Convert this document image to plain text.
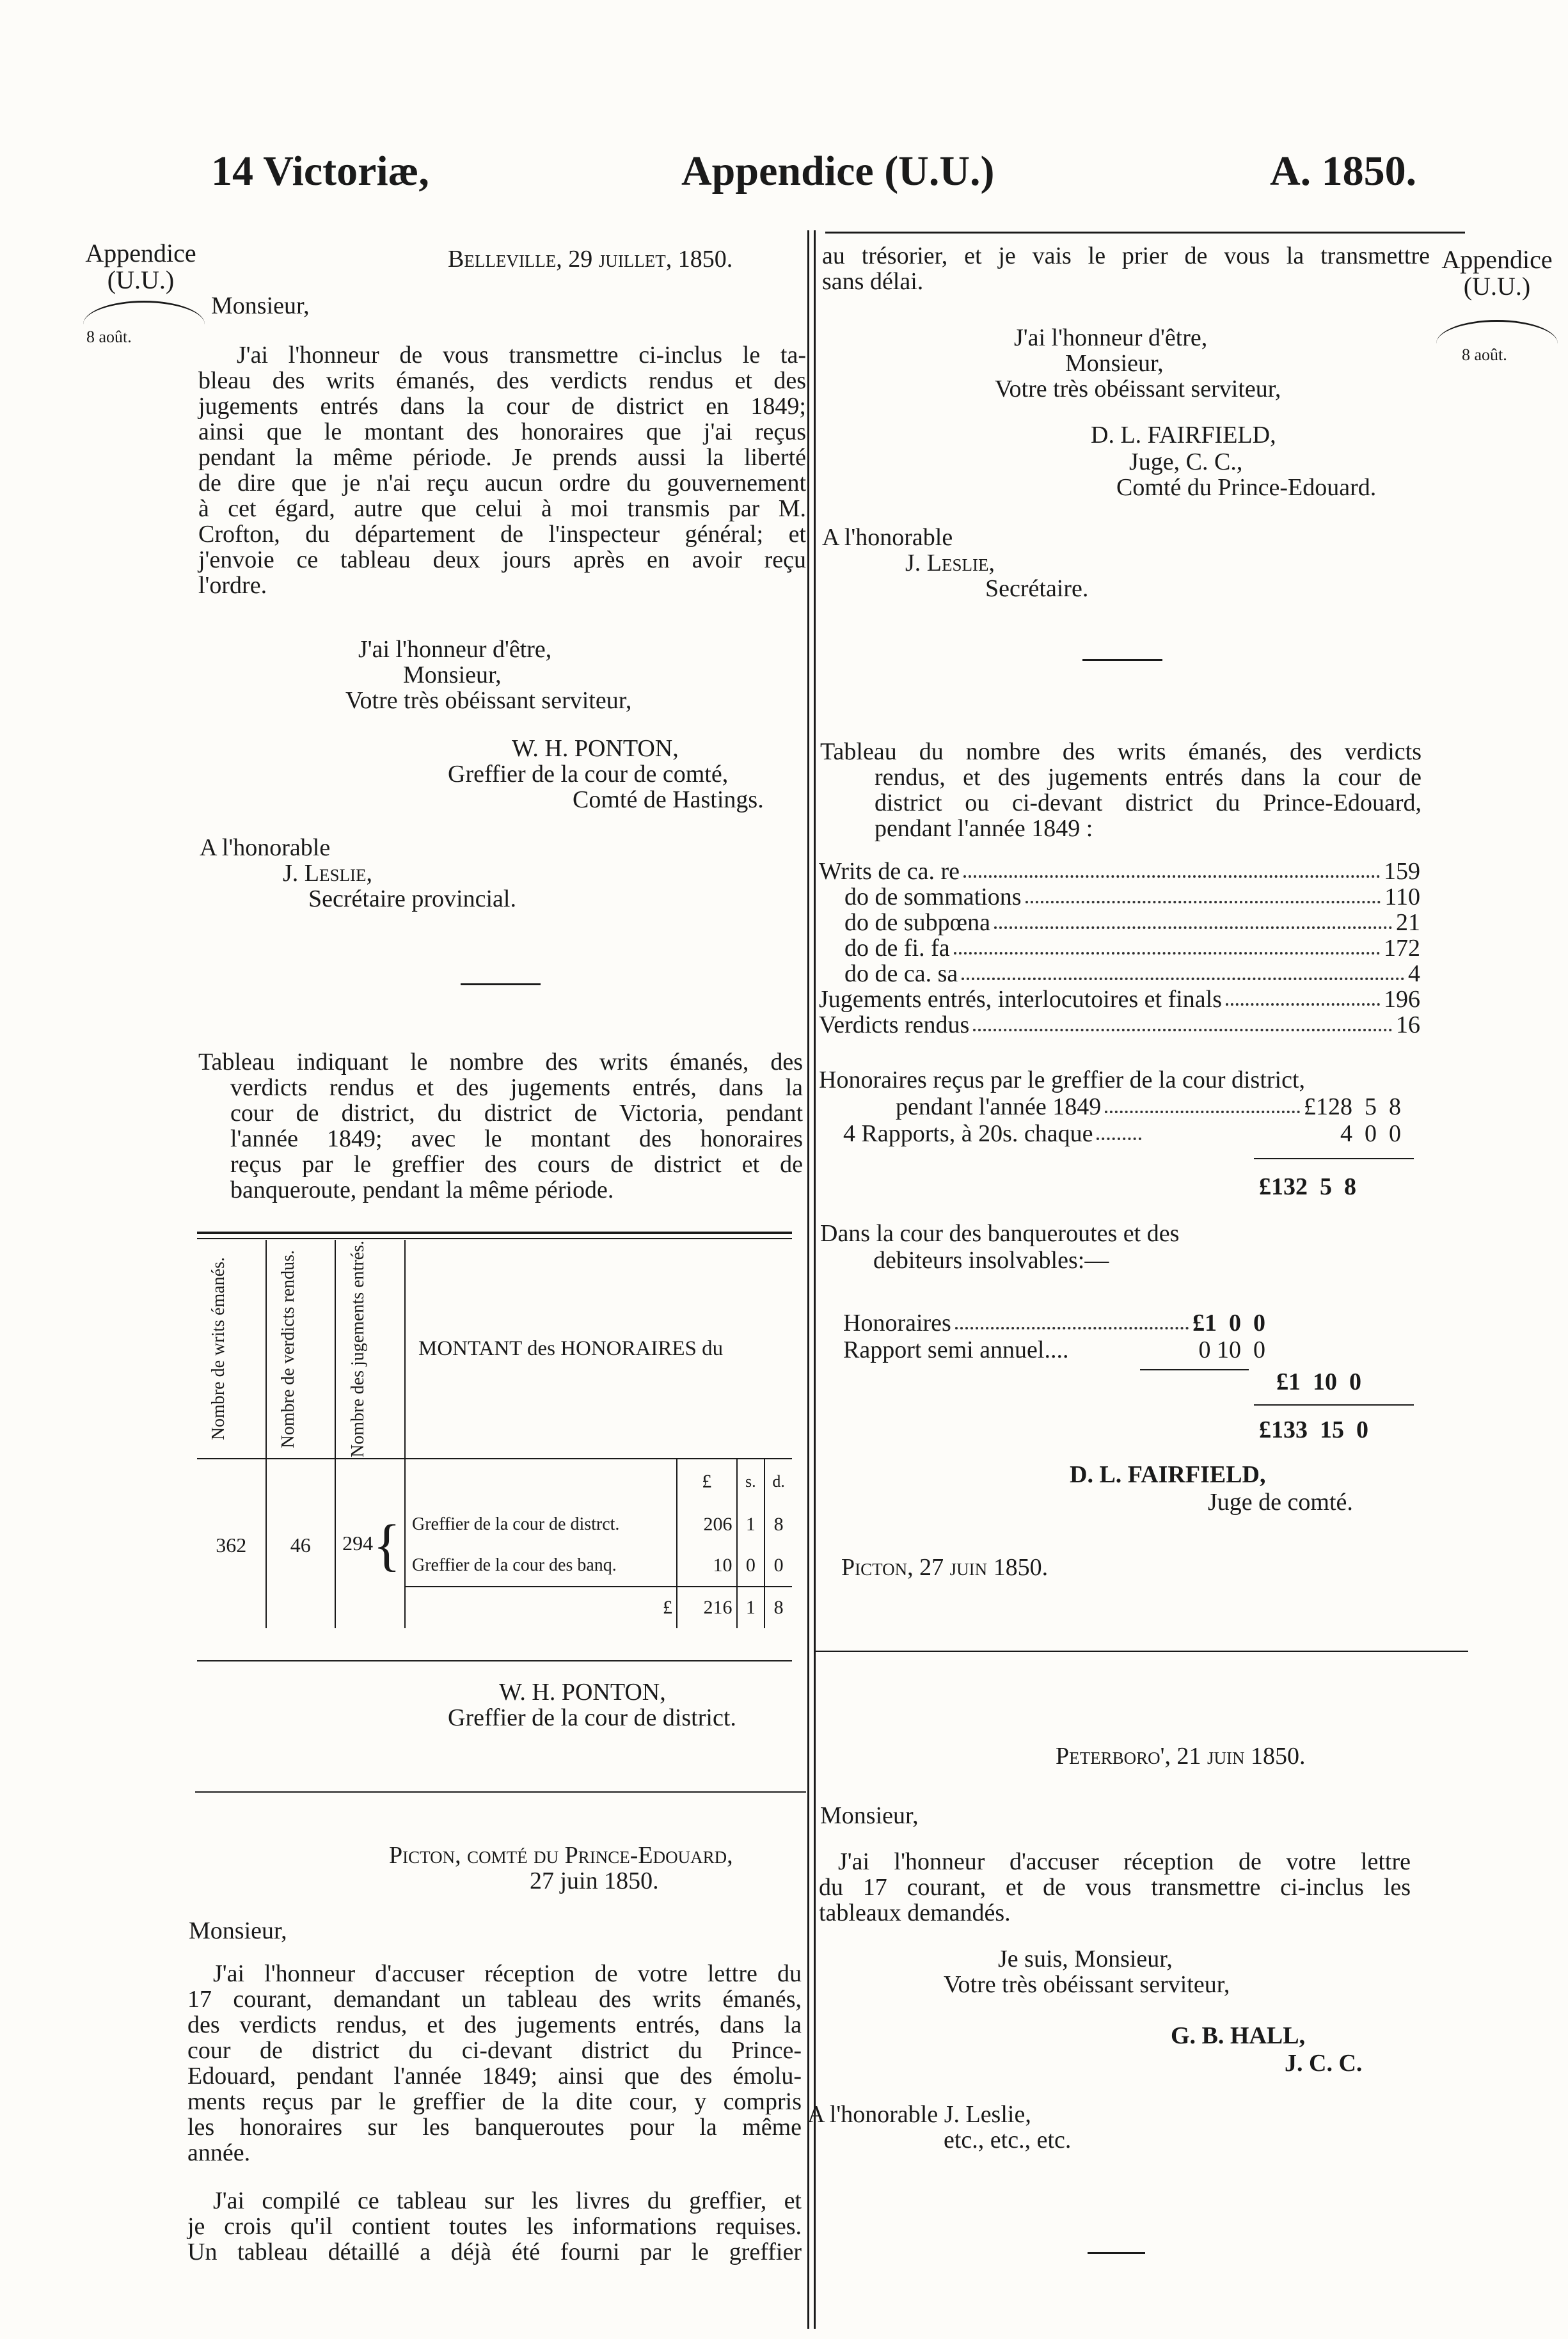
14 Victoriæ,	Appendice (U.U.)	A. 1850.
Appendice
(U.U.)
8 août.
Appendice
(U.U.)
8 août.
Belleville, 29 juillet, 1850.
Monsieur,
J'ai l'honneur de vous transmettre ci-inclus le ta-
bleau des writs émanés, des verdicts rendus et des
jugements entrés dans la cour de district en 1849;
ainsi que le montant des honoraires que j'ai reçus
pendant la même période. Je prends aussi la liberté
de dire que je n'ai reçu aucun ordre du gouvernement
à cet égard, autre que celui à moi transmis par M.
Crofton, du département de l'inspecteur général; et
j'envoie ce tableau deux jours après en avoir reçu
l'ordre.
J'ai l'honneur d'être,
Monsieur,
Votre très obéissant serviteur,
W. H. PONTON,
Greffier de la cour de comté,
Comté de Hastings.
A l'honorable
J. Leslie,
Secrétaire provincial.
Tableau indiquant le nombre des writs émanés, des
verdicts rendus et des jugements entrés, dans la
cour de district, du district de Victoria, pendant
l'année 1849; avec le montant des honoraires
reçus par le greffier des cours de district et de
banqueroute, pendant la même période.
Nombre de writs émanés.	Nombre de verdicts rendus.	Nombre des jugements entrés.	MONTANT des HONORAIRES du			
				£	s.	d.
362	46	294{	Greffier de la cour de distrct.	206	1	8
			Greffier de la cour des banq.	10	0	0
			£	216	1	8
W. H. PONTON,
Greffier de la cour de district.
Picton, comté du Prince-Edouard,
27 juin 1850.
Monsieur,
J'ai l'honneur d'accuser réception de votre lettre du
17 courant, demandant un tableau des writs émanés,
des verdicts rendus, et des jugements entrés, dans la
cour de district du ci-devant district du Prince-
Edouard, pendant l'année 1849; ainsi que des émolu-
ments reçus par le greffier de la dite cour, y compris
les honoraires sur les banqueroutes pour la même
année.
J'ai compilé ce tableau sur les livres du greffier, et
je crois qu'il contient toutes les informations requises.
Un tableau détaillé a déjà été fourni par le greffier
au trésorier, et je vais le prier de vous la transmettre
sans délai.
J'ai l'honneur d'être,
Monsieur,
Votre très obéissant serviteur,
D. L. FAIRFIELD,
Juge, C. C.,
Comté du Prince-Edouard.
A l'honorable
J. Leslie,
Secrétaire.
Tableau du nombre des writs émanés, des verdicts
rendus, et des jugements entrés dans la cour de
district ou ci-devant district du Prince-Edouard,
pendant l'année 1849 :
Writs de ca. re	159
do de sommations	110
do de subpœna	21
do de fi. fa	172
do de ca. sa	4
Jugements entrés, interlocutoires et finals	196
Verdicts rendus	16
Honoraires reçus par le greffier de la cour district,
pendant l'année 1849	£128  5  8
4 Rapports, à 20s. chaque	4  0  0
£132  5  8
Dans la cour des banqueroutes et des
debiteurs insolvables:—
Honoraires	£1  0  0
Rapport semi annuel....	0 10  0
£1  10  0
£133  15  0
D. L. FAIRFIELD,
Juge de comté.
Picton, 27 juin 1850.
Peterboro', 21 juin 1850.
Monsieur,
J'ai l'honneur d'accuser réception de votre lettre
du 17 courant, et de vous transmettre ci-inclus les
tableaux demandés.
Je suis, Monsieur,
Votre très obéissant serviteur,
G. B. HALL,
J. C. C.
A l'honorable J. Leslie,
etc., etc., etc.
